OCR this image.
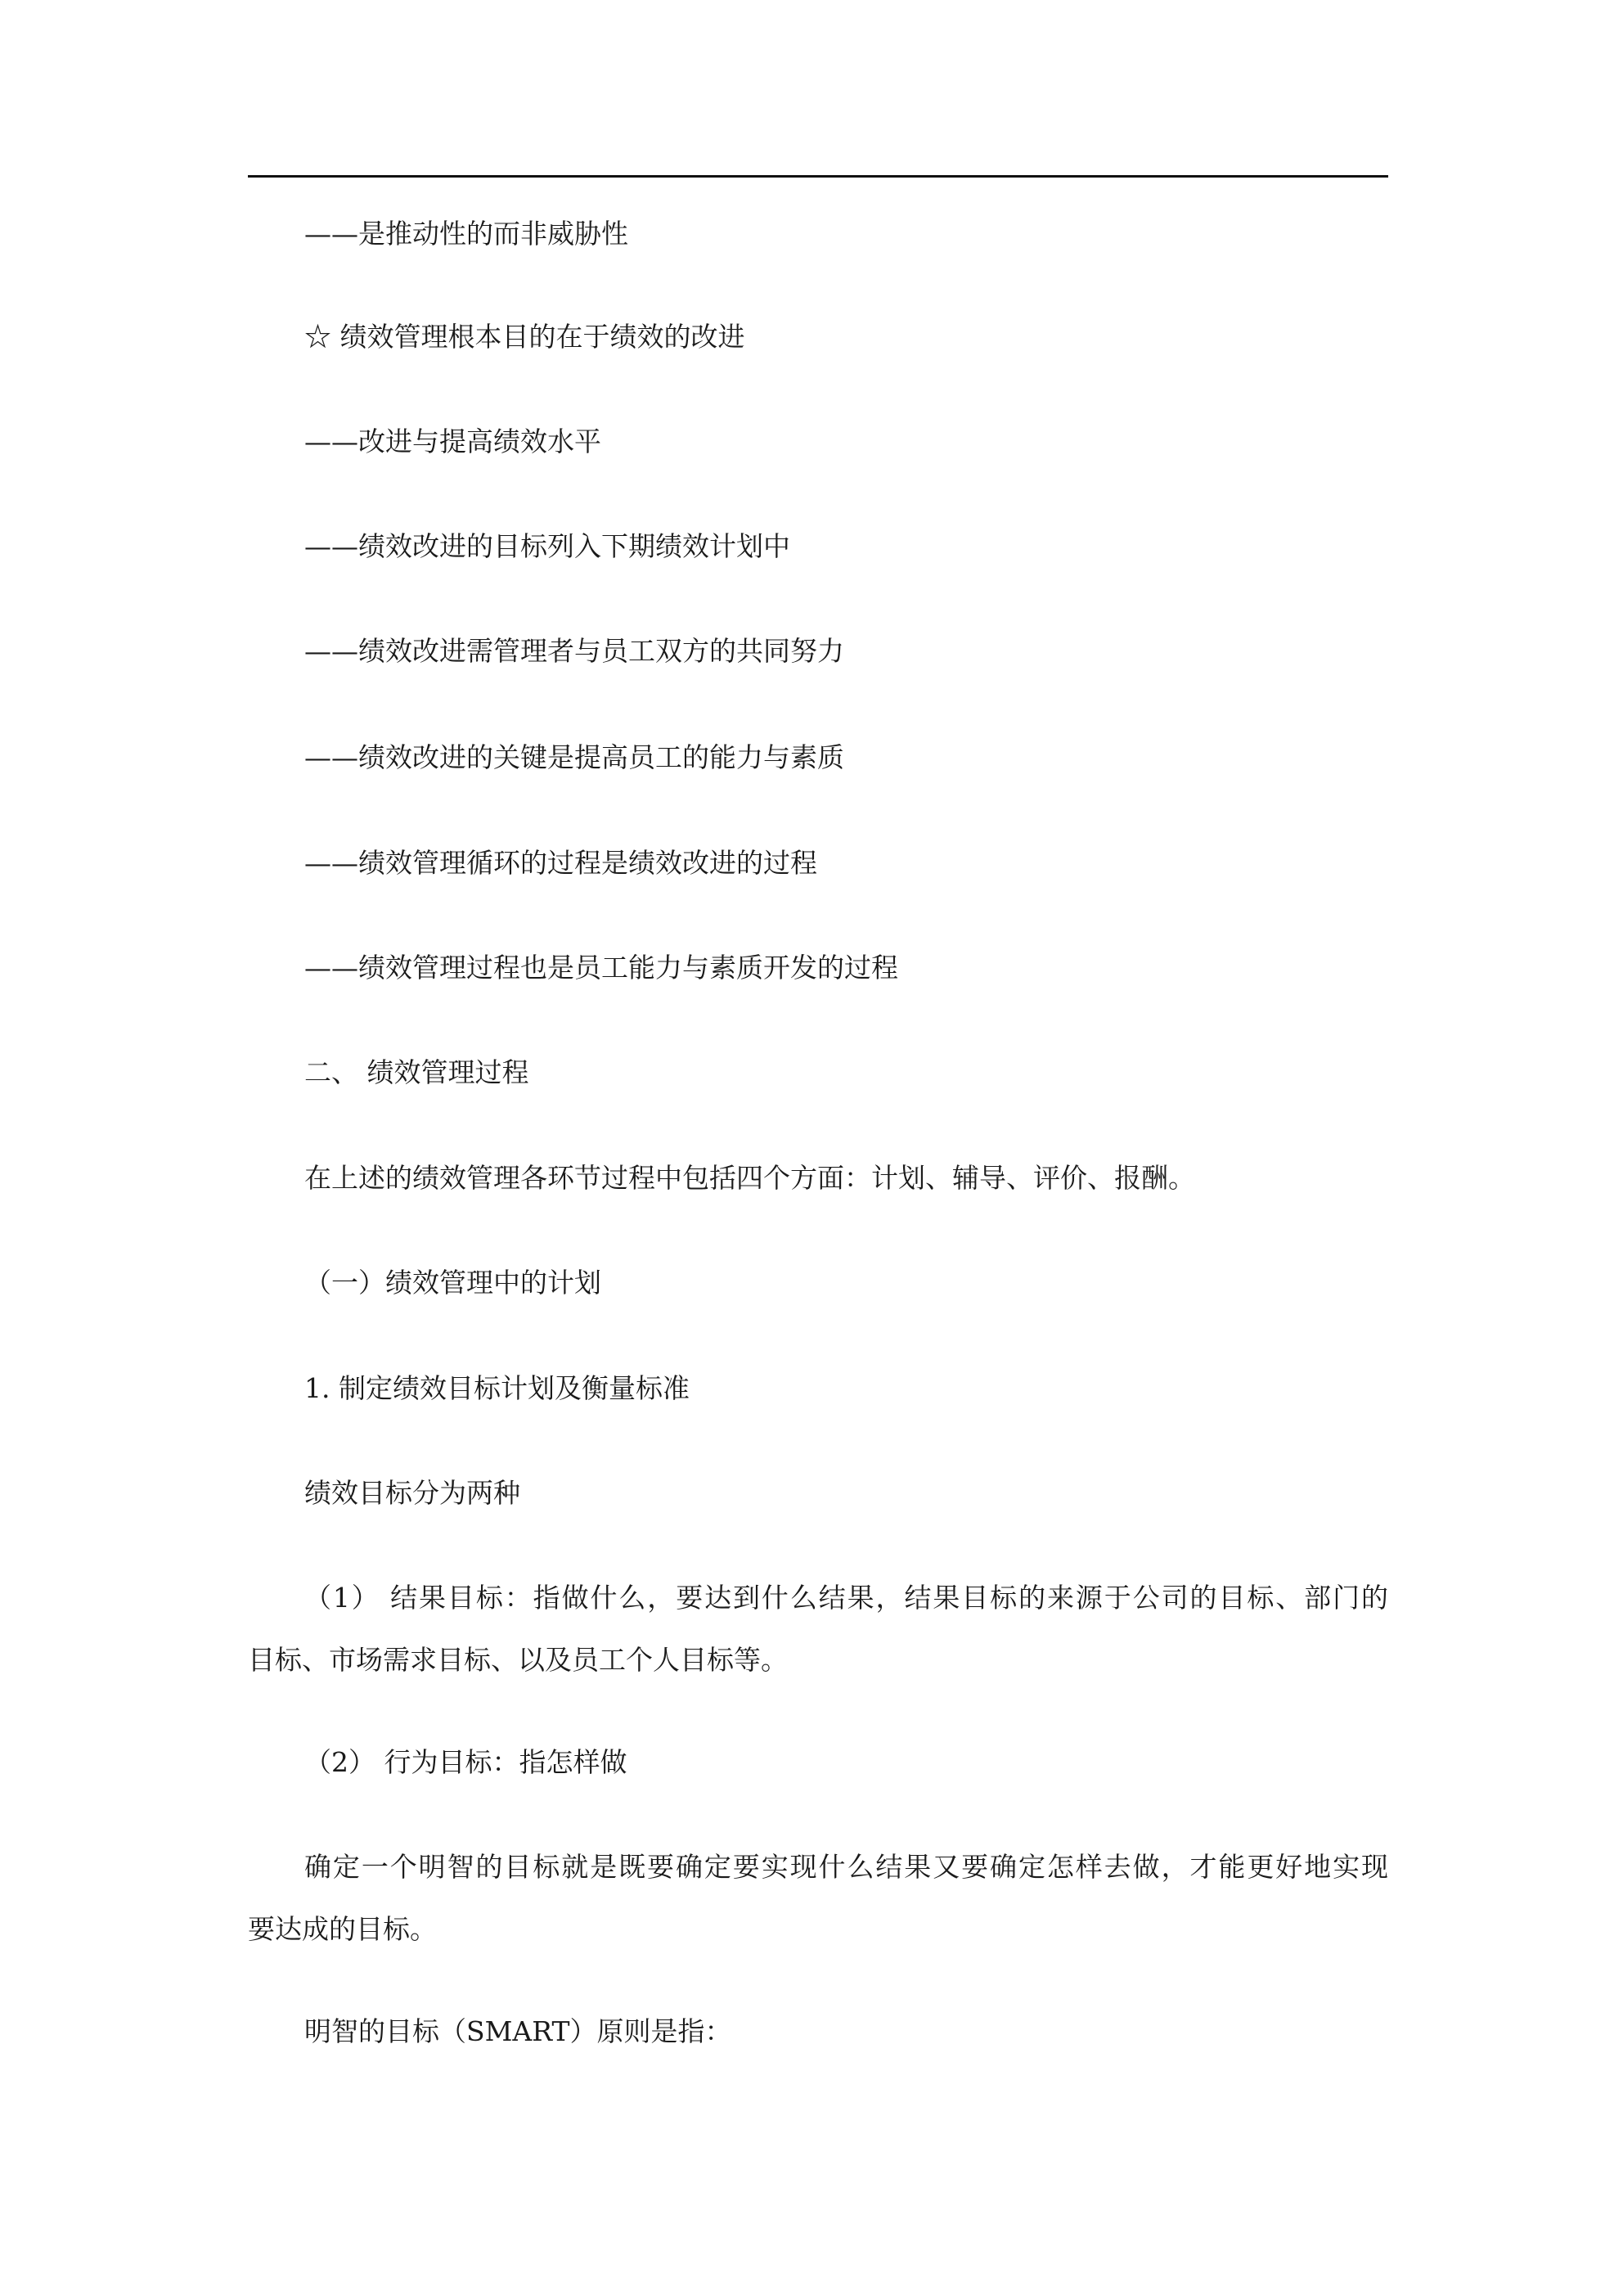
——是推动性的而非威胁性
☆ 绩效管理根本目的在于绩效的改进
——改进与提高绩效水平
——绩效改进的目标列入下期绩效计划中
——绩效改进需管理者与员工双方的共同努力
——绩效改进的关键是提高员工的能力与素质
——绩效管理循环的过程是绩效改进的过程
——绩效管理过程也是员工能力与素质开发的过程
二、 绩效管理过程
在上述的绩效管理各环节过程中包括四个方面：计划、辅导、评价、报酬。
（一）绩效管理中的计划
1. 制定绩效目标计划及衡量标准
绩效目标分为两种
（1） 结果目标：指做什么，要达到什么结果，结果目标的来源于公司的目标、部门的
目标、市场需求目标、以及员工个人目标等。
（2） 行为目标：指怎样做
确定一个明智的目标就是既要确定要实现什么结果又要确定怎样去做，才能更好地实现
要达成的目标。
明智的目标（SMART）原则是指：
